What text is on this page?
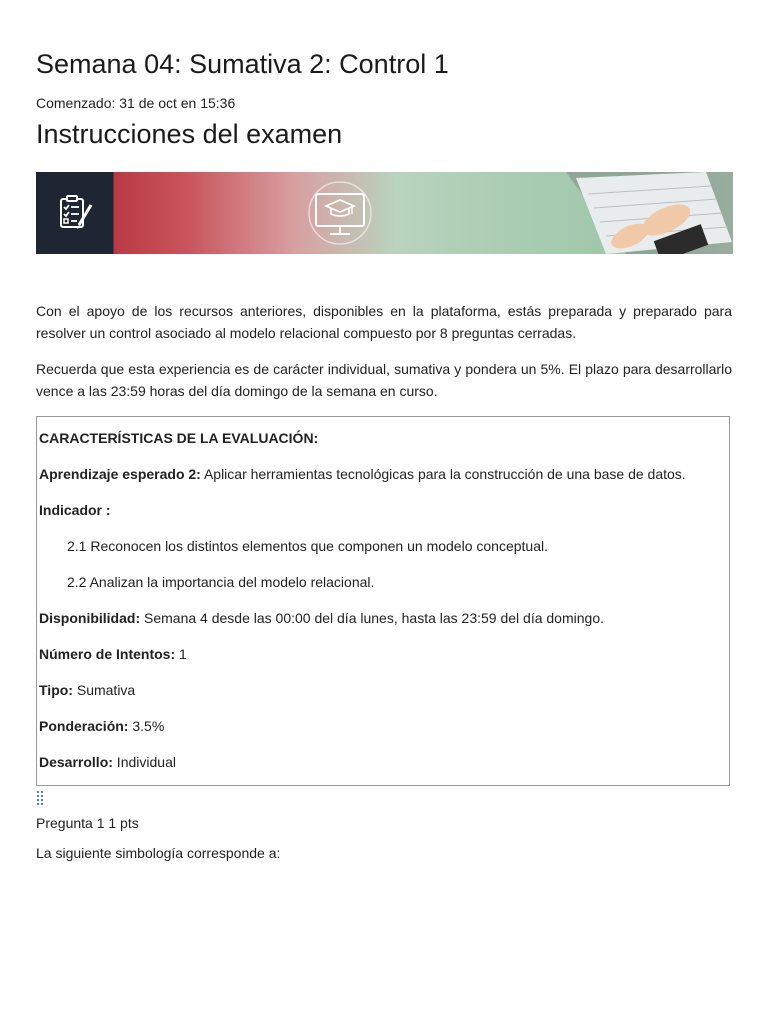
Semana 04: Sumativa 2: Control 1
Comenzado: 31 de oct en 15:36
Instrucciones del examen

Con el apoyo de los recursos anteriores, disponibles en la plataforma, estás preparada y preparado para resolver un control asociado al modelo relacional compuesto por 8 preguntas cerradas.

Recuerda que esta experiencia es de carácter individual, sumativa y pondera un 5%. El plazo para desarrollarlo vence a las 23:59 horas del día domingo de la semana en curso.

CARACTERÍSTICAS DE LA EVALUACIÓN:
Aprendizaje esperado 2: Aplicar herramientas tecnológicas para la construcción de una base de datos.
Indicador :
2.1 Reconocen los distintos elementos que componen un modelo conceptual.
2.2 Analizan la importancia del modelo relacional.
Disponibilidad: Semana 4 desde las 00:00 del día lunes, hasta las 23:59 del día domingo.
Número de Intentos: 1
Tipo: Sumativa
Ponderación: 3.5%
Desarrollo: Individual
Pregunta 1 1 pts
La siguiente simbología corresponde a:
